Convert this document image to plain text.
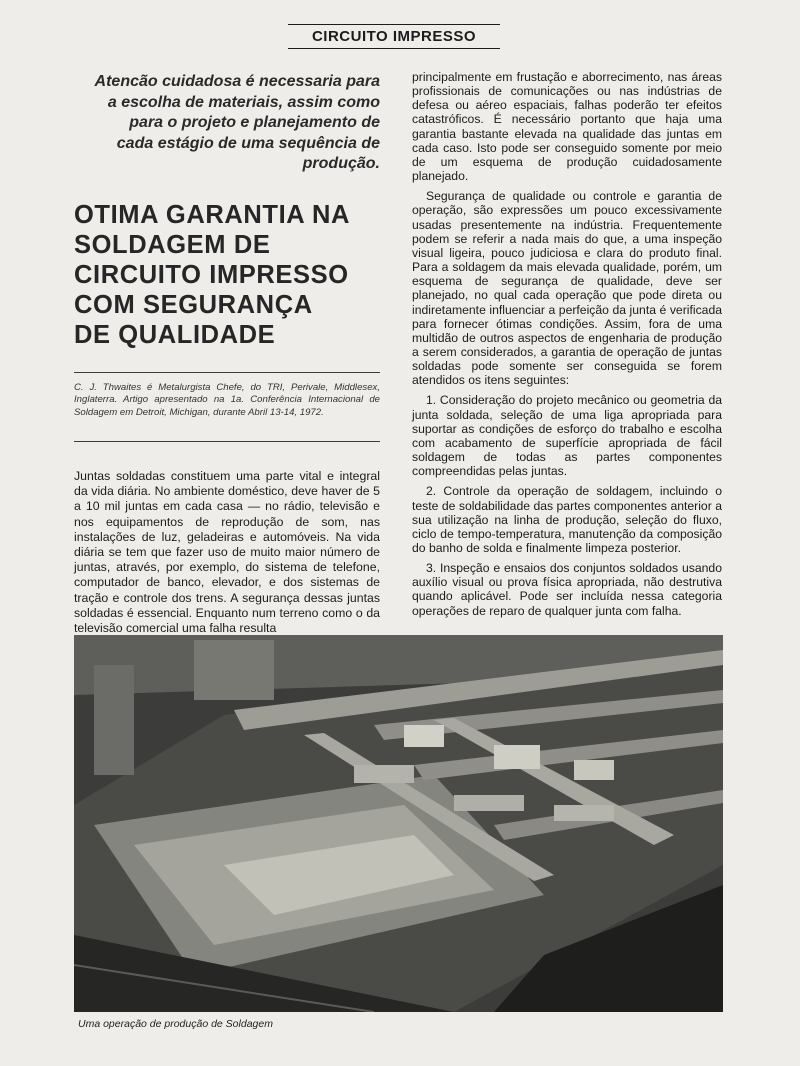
CIRCUITO IMPRESSO
Atencão cuidadosa é necessaria para a escolha de materiais, assim como para o projeto e planejamento de cada estágio de uma sequência de produção.
OTIMA GARANTIA NA
SOLDAGEM DE
CIRCUITO IMPRESSO
COM SEGURANÇA
DE QUALIDADE
C. J. Thwaites é Metalurgista Chefe, do TRI, Perivale, Middlesex, Inglaterra. Artigo apresentado na 1a. Conferência Internacional de Soldagem em Detroit, Michigan, durante Abril 13-14, 1972.

Juntas soldadas constituem uma parte vital e integral da vida diária. No ambiente doméstico, deve haver de 5 a 10 mil juntas em cada casa — no rádio, televisão e nos equipamentos de reprodução de som, nas instalações de luz, geladeiras e automóveis. Na vida diária se tem que fazer uso de muito maior número de juntas, através, por exemplo, do sistema de telefone, computador de banco, elevador, e dos sistemas de tração e controle dos trens. A segurança dessas juntas soldadas é essencial. Enquanto num terreno como o da televisão comercial uma falha resulta

principalmente em frustação e aborrecimento, nas áreas profissionais de comunicações ou nas indústrias de defesa ou aéreo espaciais, falhas poderão ter efeitos catastróficos. É necessário portanto que haja uma garantia bastante elevada na qualidade das juntas em cada caso. Isto pode ser conseguido somente por meio de um esquema de produção cuidadosamente planejado.

Segurança de qualidade ou controle e garantia de operação, são expressões um pouco excessivamente usadas presentemente na indústria. Frequentemente podem se referir a nada mais do que, a uma inspeção visual ligeira, pouco judiciosa e clara do produto final. Para a soldagem da mais elevada qualidade, porém, um esquema de segurança de qualidade, deve ser planejado, no qual cada operação que pode direta ou indiretamente influenciar a perfeição da junta é verificada para fornecer ótimas condições. Assim, fora de uma multidão de outros aspectos de engenharia de produção a serem considerados, a garantia de operação de juntas soldadas pode somente ser conseguida se forem atendidos os itens seguintes:

1. Consideração do projeto mecânico ou geometria da junta soldada, seleção de uma liga apropriada para suportar as condições de esforço do trabalho e escolha com acabamento de superfície apropriada de fácil soldagem de todas as partes componentes compreendidas pelas juntas.

2. Controle da operação de soldagem, incluindo o teste de soldabilidade das partes componentes anterior a sua utilização na linha de produção, seleção do fluxo, ciclo de tempo-temperatura, manutenção da composição do banho de solda e finalmente limpeza posterior.

3. Inspeção e ensaios dos conjuntos soldados usando auxílio visual ou prova física apropriada, não destrutiva quando aplicável. Pode ser incluída nessa categoria operações de reparo de qualquer junta com falha.

Uma operação de produção de Soldagem
